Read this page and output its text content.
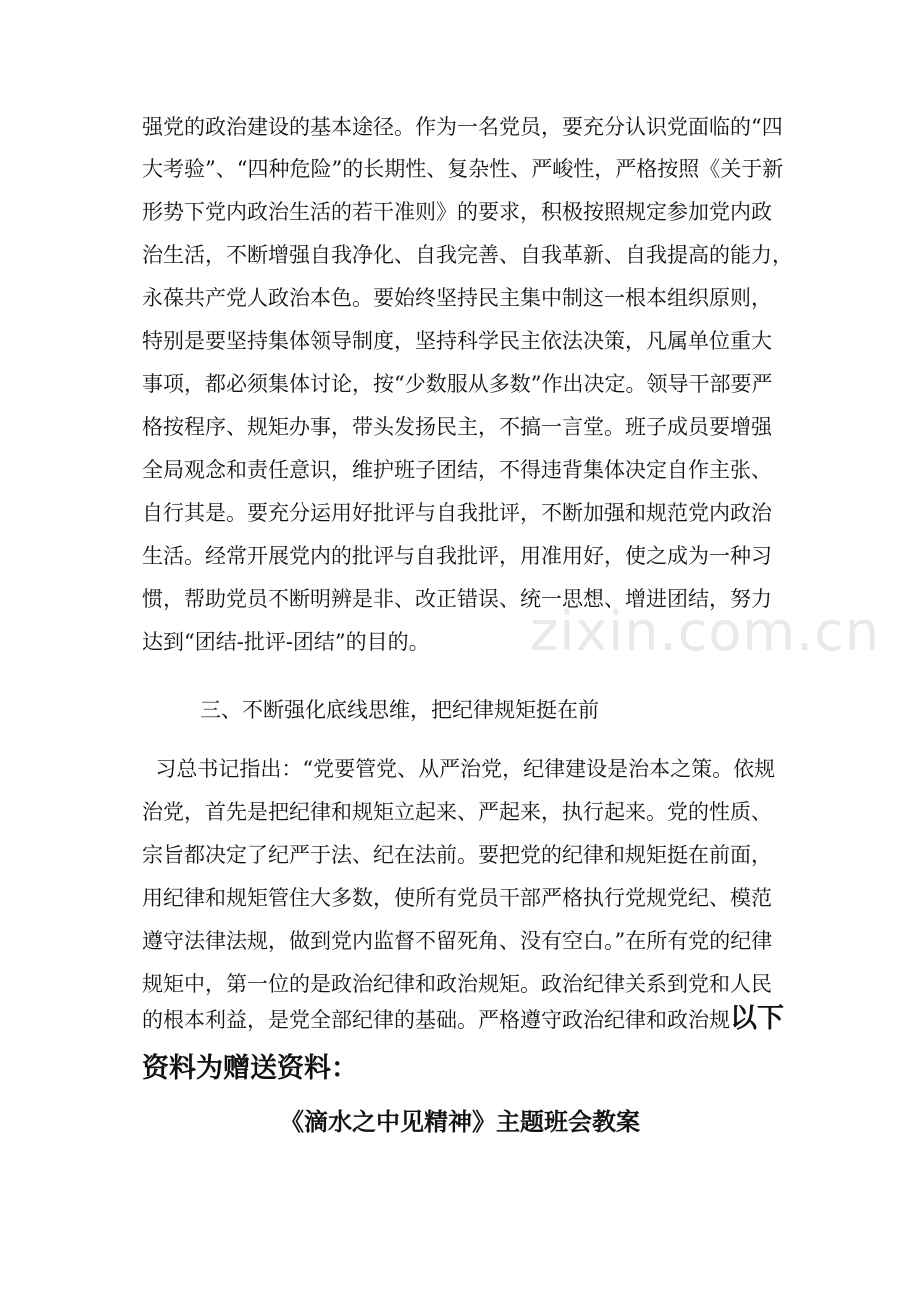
zixin.com.cn
强党的政治建设的基本途径。作为一名党员，要充分认识党面临的“四
大考验”、“四种危险”的长期性、复杂性、严峻性，严格按照《关于新
形势下党内政治生活的若干准则》的要求，积极按照规定参加党内政
治生活，不断增强自我净化、自我完善、自我革新、自我提高的能力，
永葆共产党人政治本色。要始终坚持民主集中制这一根本组织原则，
特别是要坚持集体领导制度，坚持科学民主依法决策，凡属单位重大
事项，都必须集体讨论，按“少数服从多数”作出决定。领导干部要严
格按程序、规矩办事，带头发扬民主，不搞一言堂。班子成员要增强
全局观念和责任意识，维护班子团结，不得违背集体决定自作主张、
自行其是。要充分运用好批评与自我批评，不断加强和规范党内政治
生活。经常开展党内的批评与自我批评，用准用好，使之成为一种习
惯，帮助党员不断明辨是非、改正错误、统一思想、增进团结，努力
达到“团结-批评-团结”的目的。
三、不断强化底线思维，把纪律规矩挺在前
习总书记指出：“党要管党、从严治党，纪律建设是治本之策。依规
治党，首先是把纪律和规矩立起来、严起来，执行起来。党的性质、
宗旨都决定了纪严于法、纪在法前。要把党的纪律和规矩挺在前面，
用纪律和规矩管住大多数，使所有党员干部严格执行党规党纪、模范
遵守法律法规，做到党内监督不留死角、没有空白。”在所有党的纪律
规矩中，第一位的是政治纪律和政治规矩。政治纪律关系到党和人民
的根本利益，是党全部纪律的基础。严格遵守政治纪律和政治规以下
资料为赠送资料：
《滴水之中见精神》主题班会教案
